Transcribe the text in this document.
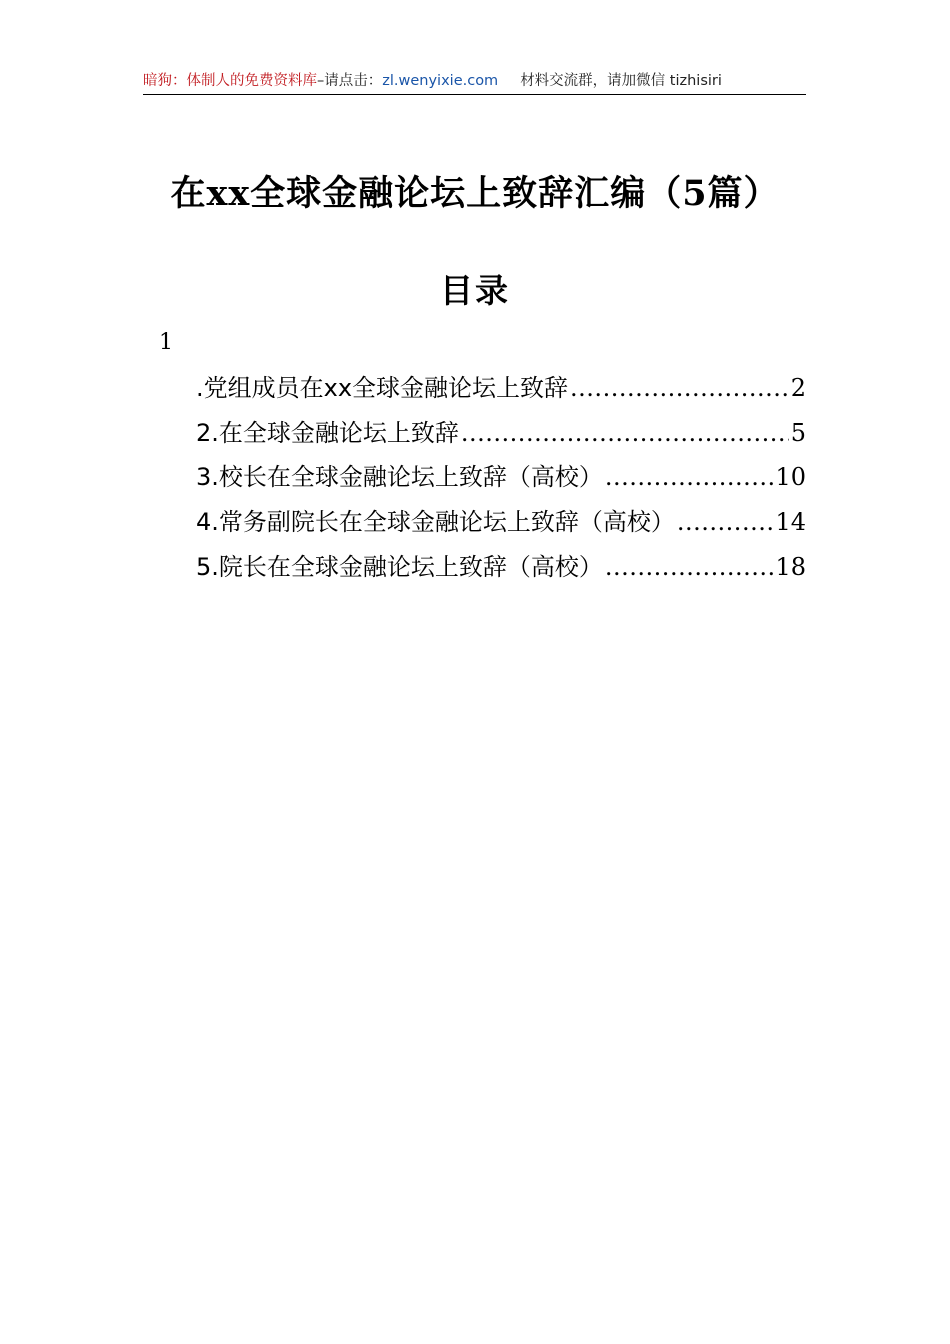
暗狗：体制人的免费资料库–请点击：zl.wenyixie.com 材料交流群，请加微信 tizhisiri
在xx全球金融论坛上致辞汇编（5篇）
目录
1
.党组成员在xx全球金融论坛上致辞 .....	2
2.在全球金融论坛上致辞 .....	5
3.校长在全球金融论坛上致辞（高校） .....	10
4.常务副院长在全球金融论坛上致辞（高校） .....	14
5.院长在全球金融论坛上致辞（高校） .....	18
